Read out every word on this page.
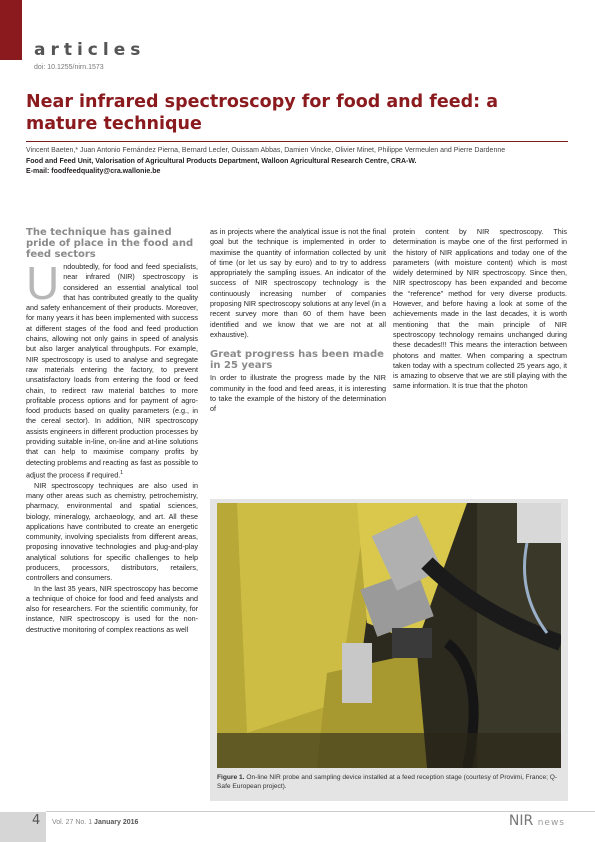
articles
doi: 10.1255/nirn.1573
Near infrared spectroscopy for food and feed: a mature technique
Vincent Baeten,* Juan Antonio Fernández Pierna, Bernard Lecler, Ouissam Abbas, Damien Vincke, Olivier Minet, Philippe Vermeulen and Pierre Dardenne
Food and Feed Unit, Valorisation of Agricultural Products Department, Walloon Agricultural Research Centre, CRA-W.
E-mail: foodfeedquality@cra.wallonie.be
The technique has gained pride of place in the food and feed sectors

Undoubtedly, for food and feed specialists, near infrared (NIR) spectroscopy is considered an essential analytical tool that has contributed greatly to the quality and safety enhancement of their products. Moreover, for many years it has been implemented with success at different stages of the food and feed production chains, allowing not only gains in speed of analysis but also larger analytical throughputs. For example, NIR spectroscopy is used to analyse and segregate raw materials entering the factory, to prevent unsatisfactory loads from entering the food or feed chain, to redirect raw material batches to more profitable process options and for payment of agro-food products based on quality parameters (e.g., in the cereal sector). In addition, NIR spectroscopy assists engineers in different production processes by providing suitable in-line, on-line and at-line solutions that can help to maximise company profits by detecting problems and reacting as fast as possible to adjust the process if required.$^1$

NIR spectroscopy techniques are also used in many other areas such as chemistry, petrochemistry, pharmacy, environmental and spatial sciences, biology, mineralogy, archaeology, and art. All these applications have contributed to create an energetic community, involving specialists from different areas, proposing innovative technologies and plug-and-play analytical solutions for specific challenges to help producers, processors, distributors, retailers, controllers and consumers.

In the last 35 years, NIR spectroscopy has become a technique of choice for food and feed analysts and also for researchers. For the scientific community, for instance, NIR spectroscopy is used for the non-destructive monitoring of complex reactions as well

as in projects where the analytical issue is not the final goal but the technique is implemented in order to maximise the quantity of information collected by unit of time (or let us say by euro) and to try to address appropriately the sampling issues. An indicator of the success of NIR spectroscopy technology is the continuously increasing number of companies proposing NIR spectroscopy solutions at any level (in a recent survey more than 60 of them have been identified and we know that we are not at all exhaustive).

Great progress has been made in 25 years

In order to illustrate the progress made by the NIR community in the food and feed areas, it is interesting to take the example of the history of the determination of

protein content by NIR spectroscopy. This determination is maybe one of the first performed in the history of NIR applications and today one of the parameters (with moisture content) which is most widely determined by NIR spectroscopy. Since then, NIR spectroscopy has been expanded and become the “reference” method for very diverse products. However, and before having a look at some of the achievements made in the last decades, it is worth mentioning that the main principle of NIR spectroscopy technology remains unchanged during these decades!!! This means the interaction between photons and matter. When comparing a spectrum taken today with a spectrum collected 25 years ago, it is amazing to observe that we are still playing with the same information. It is true that the photon

Figure 1. On-line NIR probe and sampling device installed at a feed reception stage (courtesy of Provimi, France; Q-Safe European project).
4 Vol. 27 No. 1 January 2016	NIR news
